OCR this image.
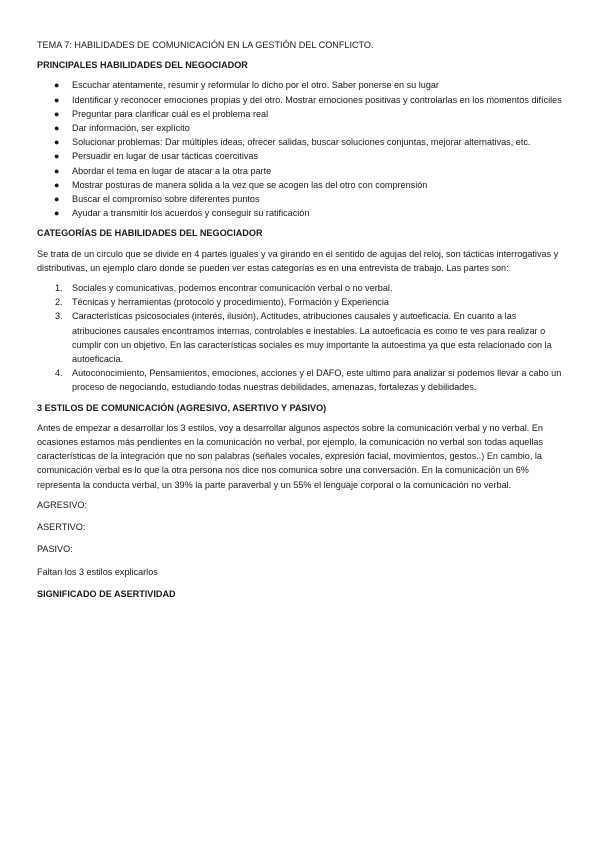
TEMA 7: HABILIDADES DE COMUNICACIÓN EN LA GESTIÓN DEL CONFLICTO.

PRINCIPALES HABILIDADES DEL NEGOCIADOR

● Escuchar atentamente, resumir y reformular lo dicho por el otro. Saber ponerse en su lugar
● Identificar y reconocer emociones propias y del otro. Mostrar emociones positivas y controlarlas en los momentos difíciles
● Preguntar para clarificar cuál es el problema real
● Dar información, ser explícito
● Solucionar problemas: Dar múltiples ideas, ofrecer salidas, buscar soluciones conjuntas, mejorar alternativas, etc.
● Persuadir en lugar de usar tácticas coercitivas
● Abordar el tema en lugar de atacar a la otra parte
● Mostrar posturas de manera sólida a la vez que se acogen las del otro con comprensión
● Buscar el compromiso sobre diferentes puntos
● Ayudar a transmitir los acuerdos y conseguir su ratificación

CATEGORÍAS DE HABILIDADES DEL NEGOCIADOR

Se trata de un circulo que se divide en 4 partes iguales y va girando en el sentido de agujas del reloj, son tácticas interrogativas y distributivas, un ejemplo claro donde se pueden ver estas categorías es en una entrevista de trabajo. Las partes son:

1. Sociales y comunicativas, podemos encontrar comunicación verbal o no verbal.
2. Técnicas y herramientas (protocolo y procedimiento), Formación y Experiencia
3. Características psicosociales (interés, ilusión), Actitudes, atribuciones causales y autoeficacia. En cuanto a las atribuciones causales encontramos internas, controlables e inestables. La autoeficacia es como te ves para realizar o cumplir con un objetivo. En las características sociales es muy importante la autoestima ya que esta relacionado con la autoeficacia.
4. Autoconocimiento, Pensamientos, emociones, acciones y el DAFO, este ultimo para analizar si podemos llevar a cabo un proceso de negociando, estudiando todas nuestras debilidades, amenazas, fortalezas y debilidades.

3 ESTILOS DE COMUNICACIÓN (AGRESIVO, ASERTIVO Y PASIVO)

Antes de empezar a desarrollar los 3 estilos, voy a desarrollar algunos aspectos sobre la comunicación verbal y no verbal. En ocasiones estamos más pendientes en la comunicación no verbal, por ejemplo, la comunicación no verbal son todas aquellas características de la integración que no son palabras (señales vocales, expresión facial, movimientos, gestos..) En cambio, la comunicación verbal es lo que la otra persona nos dice nos comunica sobre una conversación. En la comunicación un 6% representa la conducta verbal, un 39% la parte paraverbal y un 55% el lenguaje corporal o la comunicación no verbal.

AGRESIVO:

ASERTIVO:

PASIVO:

Faltan los 3 estilos explicarlos

SIGNIFICADO DE ASERTIVIDAD
